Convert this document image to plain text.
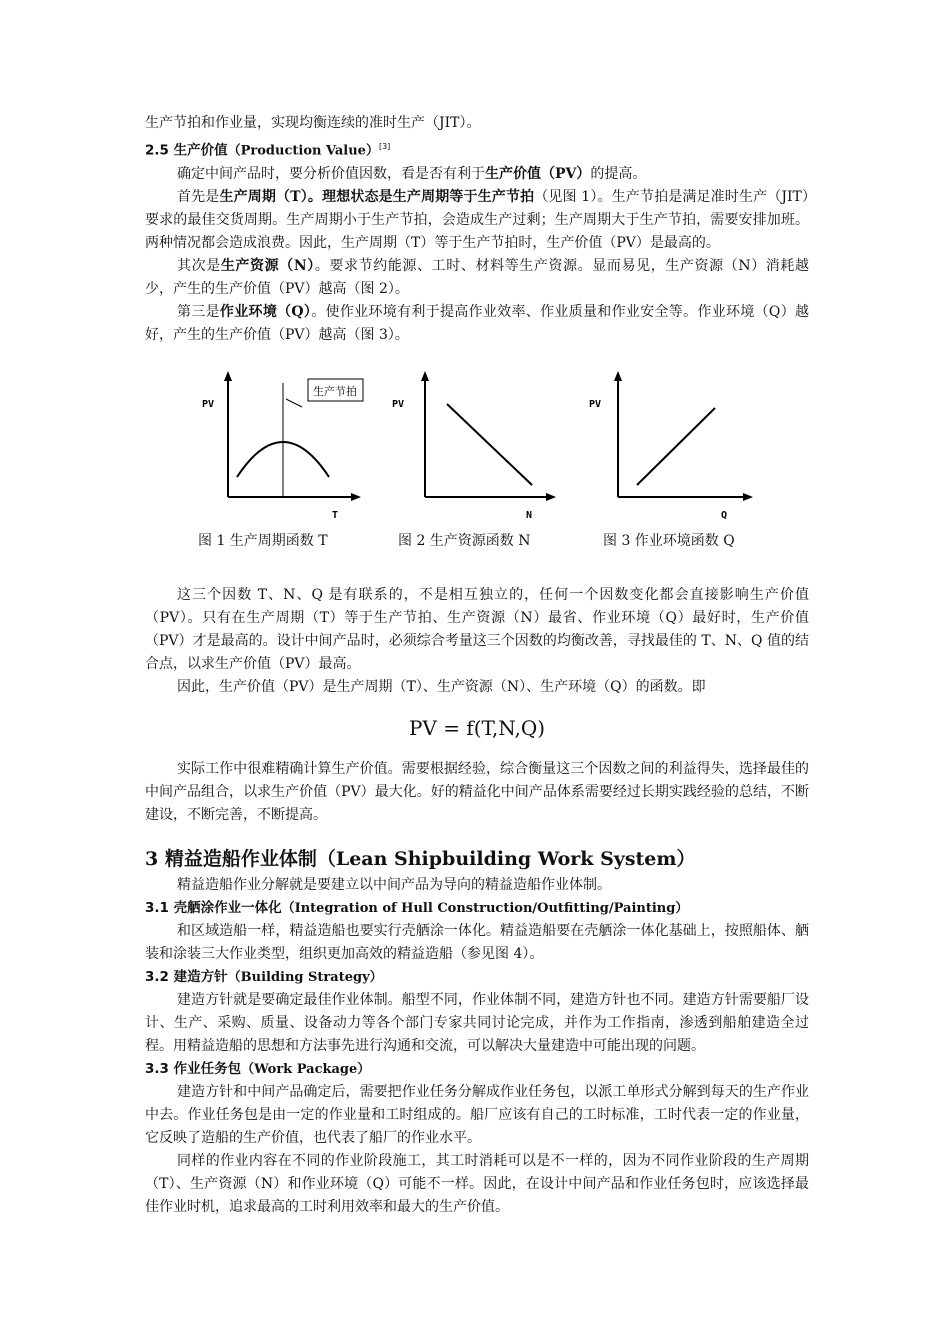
生产节拍和作业量，实现均衡连续的准时生产（JIT）。

2.5 生产价值（Production Value）[3]

确定中间产品时，要分析价值因数，看是否有利于生产价值（PV）的提高。

首先是生产周期（T）。理想状态是生产周期等于生产节拍（见图 1）。生产节拍是满足准时生产（JIT）要求的最佳交货周期。生产周期小于生产节拍，会造成生产过剩；生产周期大于生产节拍，需要安排加班。两种情况都会造成浪费。因此，生产周期（T）等于生产节拍时，生产价值（PV）是最高的。

其次是生产资源（N）。要求节约能源、工时、材料等生产资源。显而易见，生产资源（N）消耗越少，产生的生产价值（PV）越高（图 2）。

第三是作业环境（Q）。使作业环境有利于提高作业效率、作业质量和作业安全等。作业环境（Q）越好，产生的生产价值（PV）越高（图 3）。

生产节拍
PV
T
图 1 生产周期函数 T
PV
N
图 2 生产资源函数 N
PV
Q
图 3 作业环境函数 Q

这三个因数 T、N、Q 是有联系的，不是相互独立的，任何一个因数变化都会直接影响生产价值（PV）。只有在生产周期（T）等于生产节拍、生产资源（N）最省、作业环境（Q）最好时，生产价值（PV）才是最高的。设计中间产品时，必须综合考量这三个因数的均衡改善，寻找最佳的 T、N、Q 值的结合点，以求生产价值（PV）最高。

因此，生产价值（PV）是生产周期（T）、生产资源（N）、生产环境（Q）的函数。即

PV = f(T,N,Q)

实际工作中很难精确计算生产价值。需要根据经验，综合衡量这三个因数之间的利益得失，选择最佳的中间产品组合，以求生产价值（PV）最大化。好的精益化中间产品体系需要经过长期实践经验的总结，不断建设，不断完善，不断提高。

3 精益造船作业体制（Lean Shipbuilding Work System）

精益造船作业分解就是要建立以中间产品为导向的精益造船作业体制。

3.1 壳舾涂作业一体化（Integration of Hull Construction/Outfitting/Painting）

和区域造船一样，精益造船也要实行壳舾涂一体化。精益造船要在壳舾涂一体化基础上，按照船体、舾装和涂装三大作业类型，组织更加高效的精益造船（参见图 4）。

3.2 建造方针（Building Strategy）

建造方针就是要确定最佳作业体制。船型不同，作业体制不同，建造方针也不同。建造方针需要船厂设计、生产、采购、质量、设备动力等各个部门专家共同讨论完成，并作为工作指南，渗透到船舶建造全过程。用精益造船的思想和方法事先进行沟通和交流，可以解决大量建造中可能出现的问题。

3.3 作业任务包（Work Package）

建造方针和中间产品确定后，需要把作业任务分解成作业任务包，以派工单形式分解到每天的生产作业中去。作业任务包是由一定的作业量和工时组成的。船厂应该有自己的工时标准，工时代表一定的作业量，它反映了造船的生产价值，也代表了船厂的作业水平。

同样的作业内容在不同的作业阶段施工，其工时消耗可以是不一样的，因为不同作业阶段的生产周期（T）、生产资源（N）和作业环境（Q）可能不一样。因此，在设计中间产品和作业任务包时，应该选择最佳作业时机，追求最高的工时利用效率和最大的生产价值。
